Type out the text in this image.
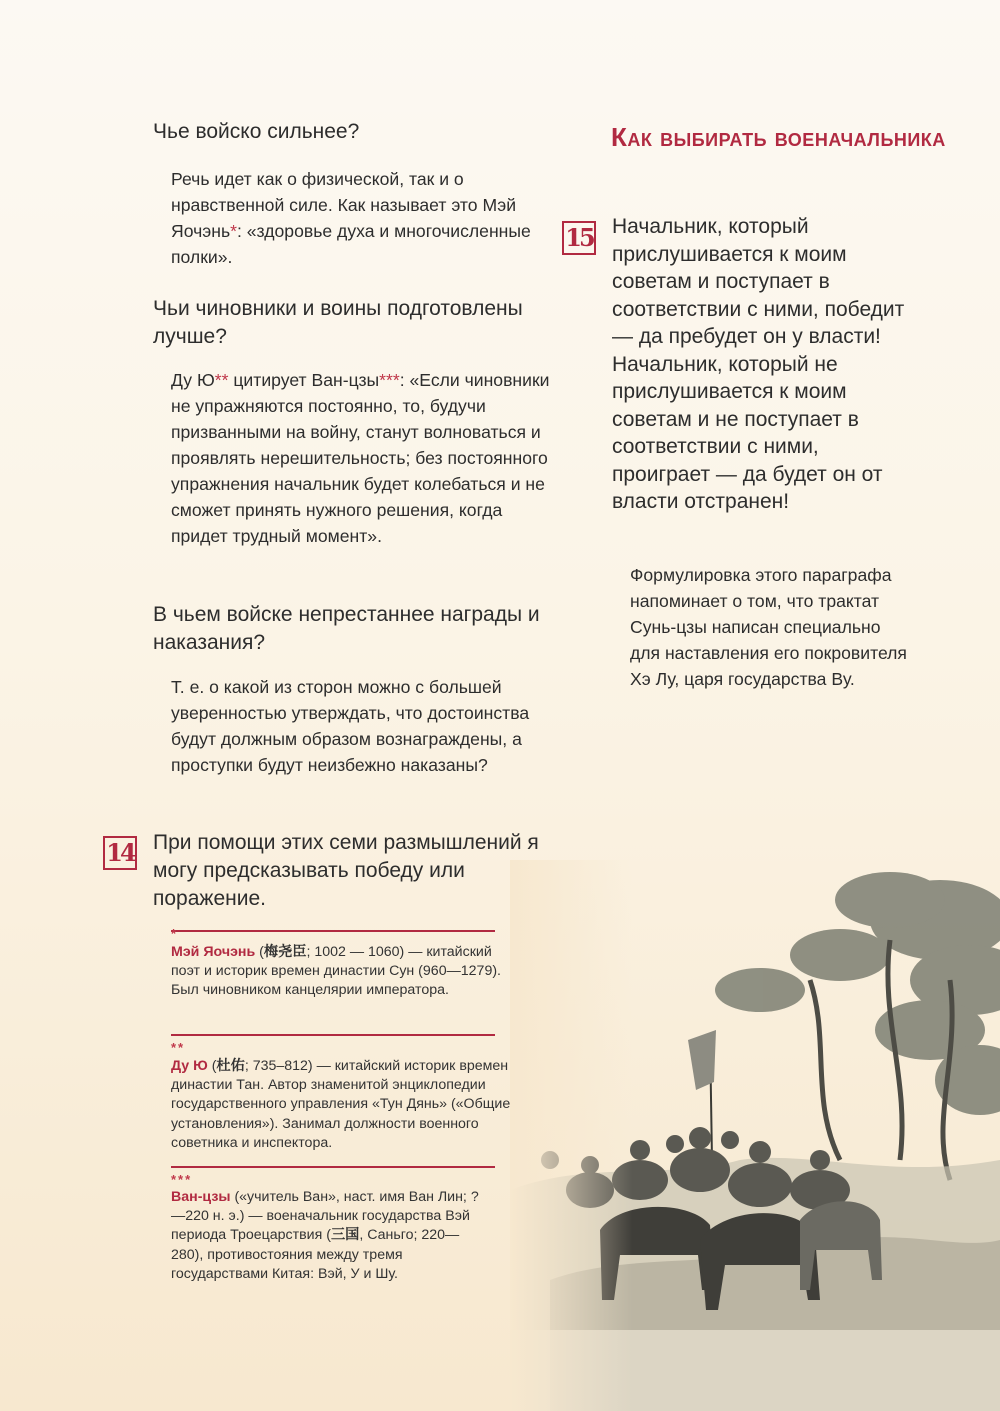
Чье войско сильнее?

Речь идет как о физической, так и о нравственной силе. Как называет это Мэй Яочэнь*: «здоровье духа и многочисленные полки».

Чьи чиновники и воины подготовлены лучше?

Ду Ю** цитирует Ван-цзы***: «Если чиновники не упражняются постоянно, то, будучи призванными на войну, станут волноваться и проявлять нерешительность; без постоянного упражнения начальник будет колебаться и не сможет принять нужного решения, когда придет трудный момент».

В чьем войске непрестаннее награды и наказания?

Т. е. о какой из сторон можно с большей уверенностью утверждать, что достоинства будут должным образом вознаграждены, а проступки будут неизбежно наказаны?

14 При помощи этих семи размышлений я могу предсказывать победу или поражение.

*

Мэй Яочэнь (梅尧臣; 1002 — 1060) — китайский поэт и историк времен династии Сун (960—1279). Был чиновником канцелярии императора.

**

Ду Ю (杜佑; 735–812) — китайский историк времен династии Тан. Автор знаменитой энциклопедии государственного управления «Тун Дянь» («Общие установления»). Занимал должности военного советника и инспектора.

***

Ван-цзы («учитель Ван», наст. имя Ван Лин; ?—220 н. э.) — военачальник государства Вэй периода Троецарствия (三国, Саньго; 220—280), противостояния между тремя государствами Китая: Вэй, У и Шу.

Как выбирать военачальника
15 Начальник, который прислушивается к моим советам и поступает в соответствии с ними, победит — да пребудет он у власти! Начальник, который не прислушивается к моим советам и не поступает в соответствии с ними, проиграет — да будет он от власти отстранен!

Формулировка этого параграфа напоминает о том, что трактат Сунь-цзы написан специально для наставления его покровителя Хэ Лу, царя государства Ву.
